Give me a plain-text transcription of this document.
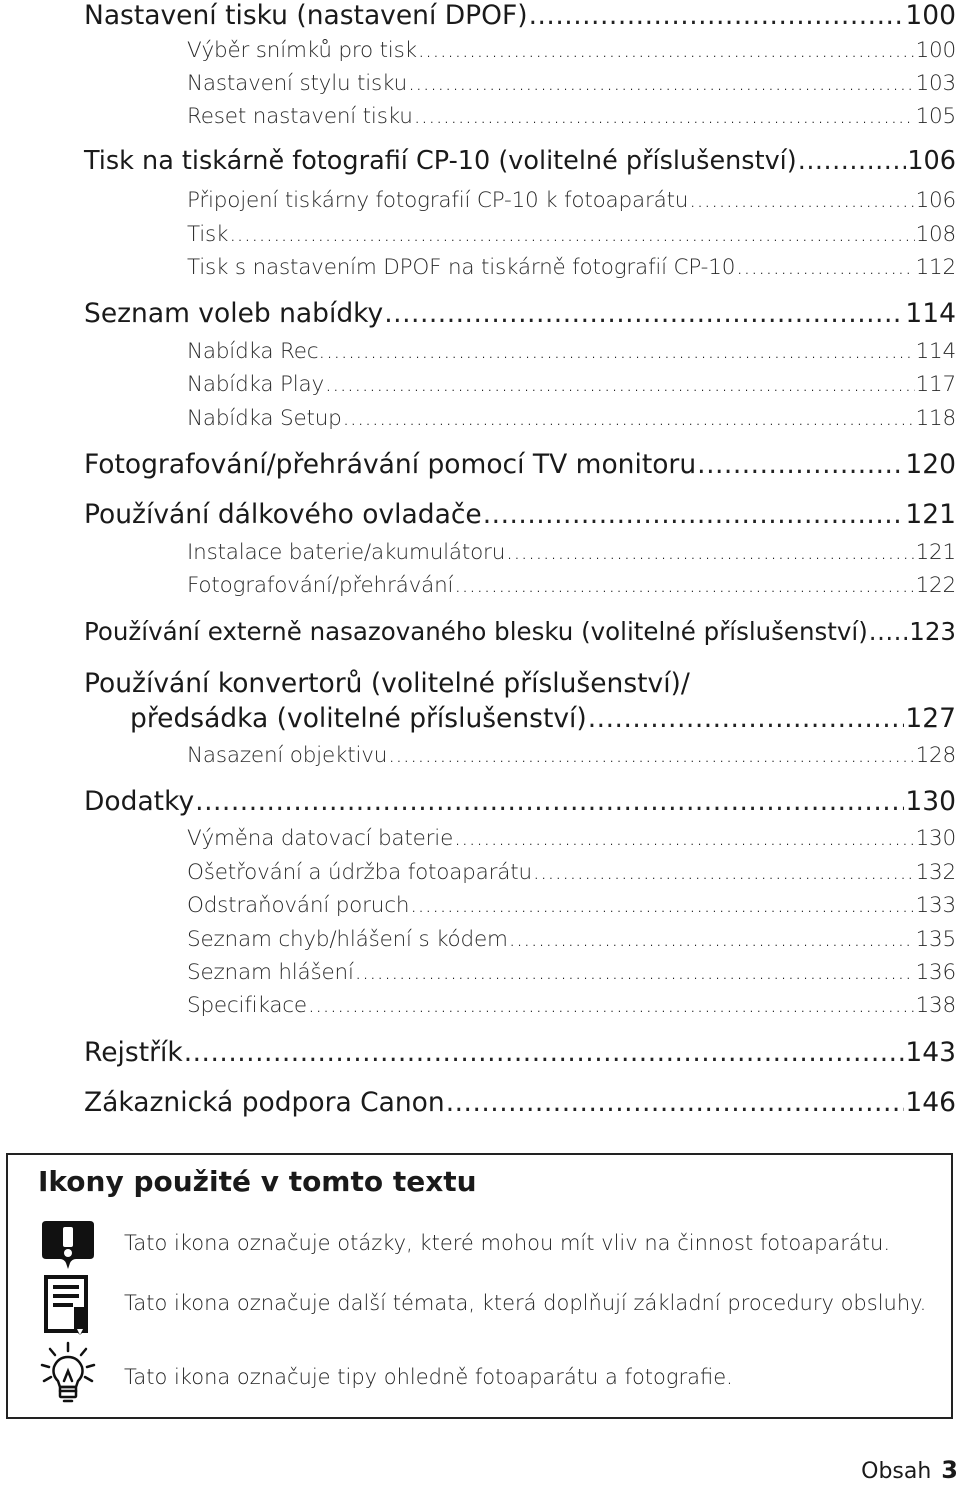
Nastavení tisku (nastavení DPOF) .....	100
Výběr snímků pro tisk .....	100
Nastavení stylu tisku .....	103
Reset nastavení tisku .....	105
Tisk na tiskárně fotografií CP-10 (volitelné příslušenství) .....	106
Připojení tiskárny fotografií CP-10 k fotoaparátu .....	106
Tisk .....	108
Tisk s nastavením DPOF na tiskárně fotografií CP-10 .....	112
Seznam voleb nabídky .....	114
Nabídka Rec. .....	114
Nabídka Play .....	117
Nabídka Setup .....	118
Fotografování/přehrávání pomocí TV monitoru .....	120
Používání dálkového ovladače .....	121
Instalace baterie/akumulátoru .....	121
Fotografování/přehrávání .....	122
Používání externě nasazovaného blesku (volitelné příslušenství) ..... 123
Používání konvertorů (volitelné příslušenství)/
předsádka (volitelné příslušenství) .....	127
Nasazení objektivu .....	128
Dodatky .....	130
Výměna datovací baterie .....	130
Ošetřování a údržba fotoaparátu .....	132
Odstraňování poruch .....	133
Seznam chyb/hlášení s kódem .....	135
Seznam hlášení .....	136
Specifikace .....	138
Rejstřík .....	143
Zákaznická podpora Canon .....	146
Ikony použité v tomto textu
Tato ikona označuje otázky, které mohou mít vliv na činnost fotoaparátu.
Tato ikona označuje další témata, která doplňují základní procedury obsluhy.
Tato ikona označuje tipy ohledně fotoaparátu a fotografie.
Obsah 3
